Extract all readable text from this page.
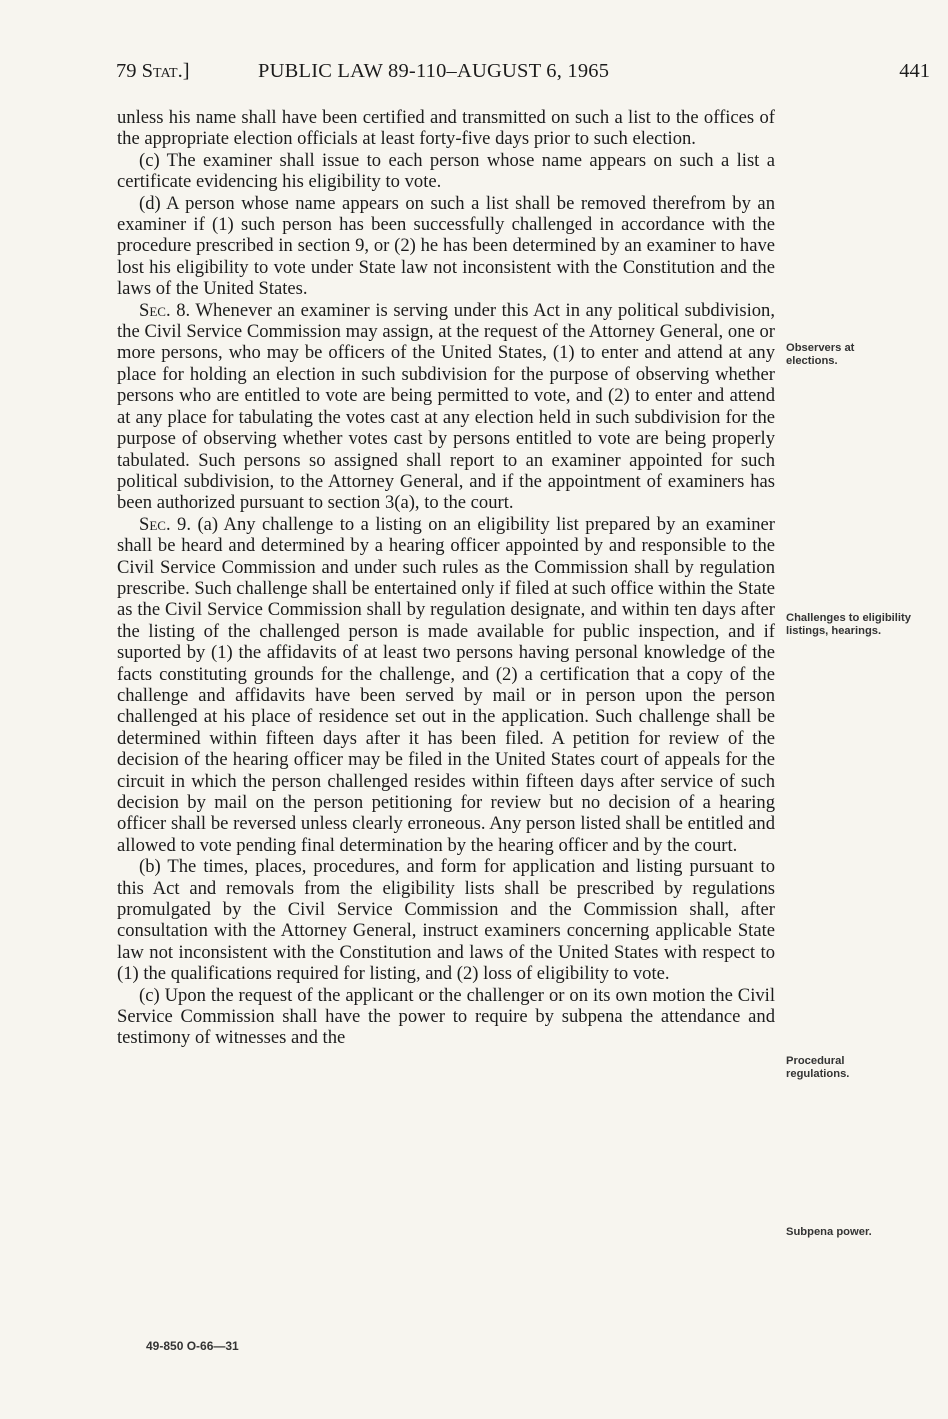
79 Stat.]	PUBLIC LAW 89-110–AUGUST 6, 1965	441

unless his name shall have been certified and transmitted on such a list to the offices of the appropriate election officials at least forty-five days prior to such election.

(c) The examiner shall issue to each person whose name appears on such a list a certificate evidencing his eligibility to vote.

(d) A person whose name appears on such a list shall be removed therefrom by an examiner if (1) such person has been successfully challenged in accordance with the procedure prescribed in section 9, or (2) he has been determined by an examiner to have lost his eligibility to vote under State law not inconsistent with the Constitution and the laws of the United States.

Sec. 8. Whenever an examiner is serving under this Act in any political subdivision, the Civil Service Commission may assign, at the request of the Attorney General, one or more persons, who may be officers of the United States, (1) to enter and attend at any place for holding an election in such subdivision for the purpose of observing whether persons who are entitled to vote are being permitted to vote, and (2) to enter and attend at any place for tabulating the votes cast at any election held in such subdivision for the purpose of observing whether votes cast by persons entitled to vote are being properly tabulated. Such persons so assigned shall report to an examiner appointed for such political subdivision, to the Attorney General, and if the appointment of examiners has been authorized pursuant to section 3(a), to the court.

Sec. 9. (a) Any challenge to a listing on an eligibility list prepared by an examiner shall be heard and determined by a hearing officer appointed by and responsible to the Civil Service Commission and under such rules as the Commission shall by regulation prescribe. Such challenge shall be entertained only if filed at such office within the State as the Civil Service Commission shall by regulation designate, and within ten days after the listing of the challenged person is made available for public inspection, and if suported by (1) the affidavits of at least two persons having personal knowledge of the facts constituting grounds for the challenge, and (2) a certification that a copy of the challenge and affidavits have been served by mail or in person upon the person challenged at his place of residence set out in the application. Such challenge shall be determined within fifteen days after it has been filed. A petition for review of the decision of the hearing officer may be filed in the United States court of appeals for the circuit in which the person challenged resides within fifteen days after service of such decision by mail on the person petitioning for review but no decision of a hearing officer shall be reversed unless clearly erroneous. Any person listed shall be entitled and allowed to vote pending final determination by the hearing officer and by the court.

(b) The times, places, procedures, and form for application and listing pursuant to this Act and removals from the eligibility lists shall be prescribed by regulations promulgated by the Civil Service Commission and the Commission shall, after consultation with the Attorney General, instruct examiners concerning applicable State law not inconsistent with the Constitution and laws of the United States with respect to (1) the qualifications required for listing, and (2) loss of eligibility to vote.

(c) Upon the request of the applicant or the challenger or on its own motion the Civil Service Commission shall have the power to require by subpena the attendance and testimony of witnesses and the

Observers at elections.
Challenges to eligibility listings, hearings.
Procedural regulations.
Subpena power.
49-850 O-66—31
